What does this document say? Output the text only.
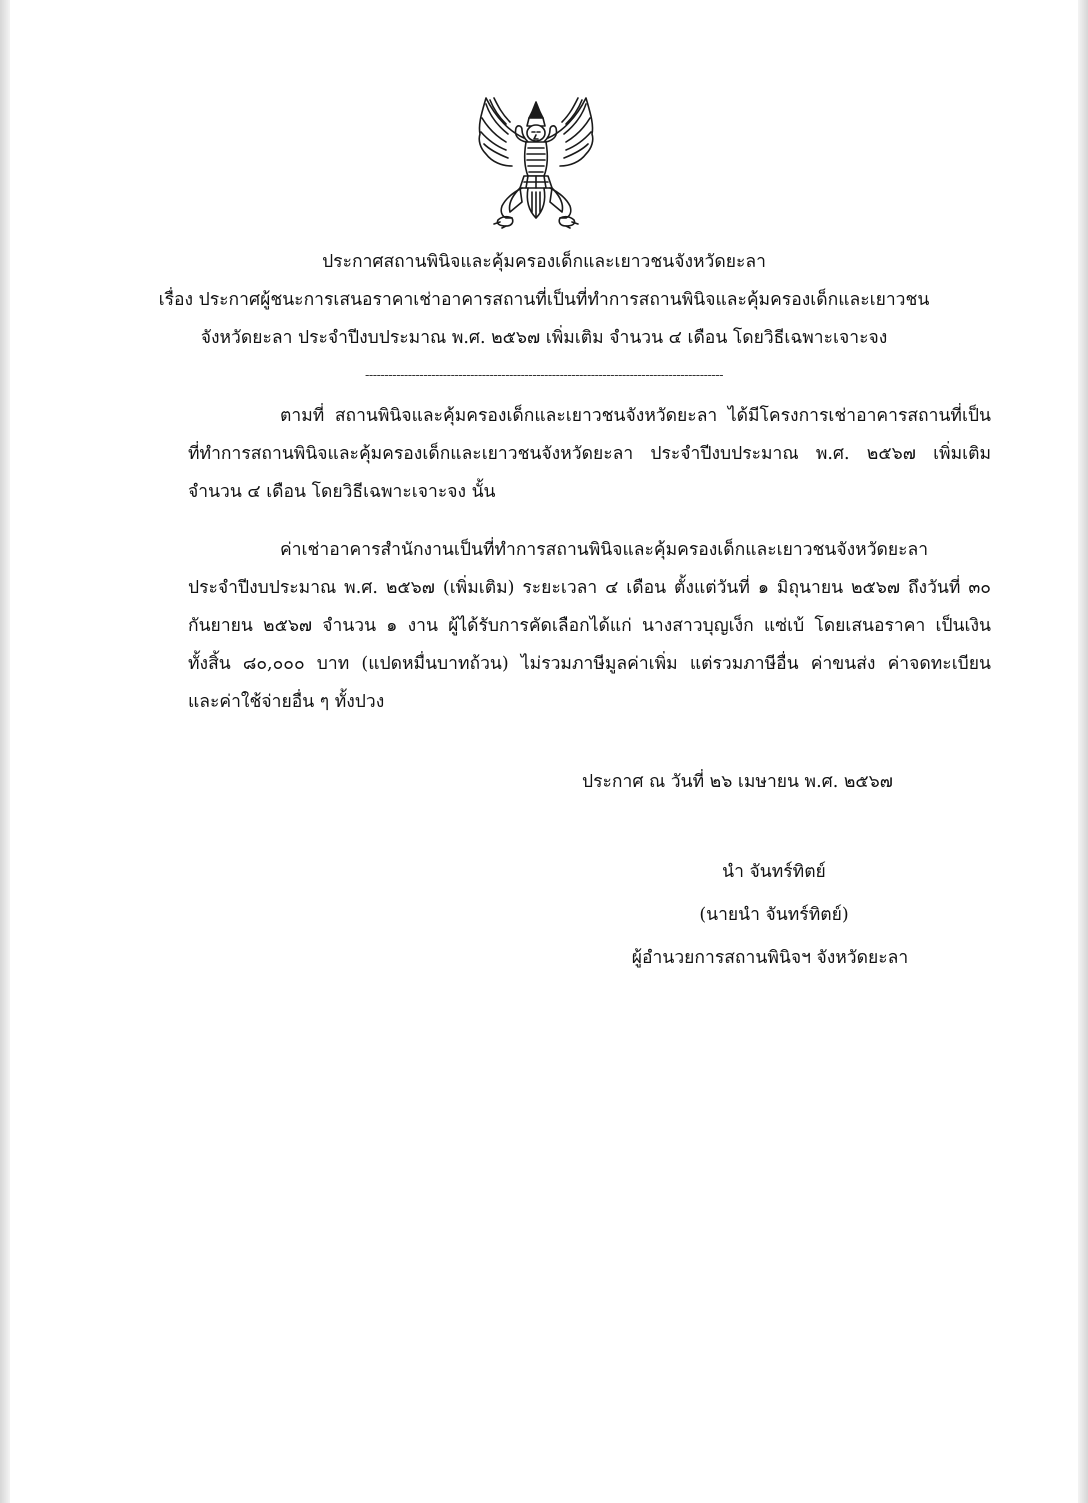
ประกาศสถานพินิจและคุ้มครองเด็กและเยาวชนจังหวัดยะลา
เรื่อง ประกาศผู้ชนะการเสนอราคาเช่าอาคารสถานที่เป็นที่ทำการสถานพินิจและคุ้มครองเด็กและเยาวชน
จังหวัดยะลา ประจำปีงบประมาณ พ.ศ. ๒๕๖๗ เพิ่มเติม จำนวน ๔ เดือน โดยวิธีเฉพาะเจาะจง
--------------------------------------------------------------------------------------------
ตามที่ สถานพินิจและคุ้มครองเด็กและเยาวชนจังหวัดยะลา ได้มีโครงการเช่าอาคารสถานที่เป็น
ที่ทำการสถานพินิจและคุ้มครองเด็กและเยาวชนจังหวัดยะลา ประจำปีงบประมาณ พ.ศ. ๒๕๖๗ เพิ่มเติม
จำนวน ๔ เดือน โดยวิธีเฉพาะเจาะจง นั้น
ค่าเช่าอาคารสำนักงานเป็นที่ทำการสถานพินิจและคุ้มครองเด็กและเยาวชนจังหวัดยะลา
ประจำปีงบประมาณ พ.ศ. ๒๕๖๗ (เพิ่มเติม) ระยะเวลา ๔ เดือน ตั้งแต่วันที่ ๑ มิถุนายน ๒๕๖๗ ถึงวันที่ ๓๐
กันยายน ๒๕๖๗ จำนวน ๑ งาน ผู้ได้รับการคัดเลือกได้แก่ นางสาวบุญเง็ก แซ่เบ้ โดยเสนอราคา เป็นเงิน
ทั้งสิ้น ๘๐,๐๐๐ บาท (แปดหมื่นบาทถ้วน) ไม่รวมภาษีมูลค่าเพิ่ม แต่รวมภาษีอื่น ค่าขนส่ง ค่าจดทะเบียน
และค่าใช้จ่ายอื่น ๆ ทั้งปวง
ประกาศ ณ วันที่ ๒๖ เมษายน พ.ศ. ๒๕๖๗
นำ จันทร์ทิตย์
(นายนำ จันทร์ทิตย์)
ผู้อำนวยการสถานพินิจฯ จังหวัดยะลา
